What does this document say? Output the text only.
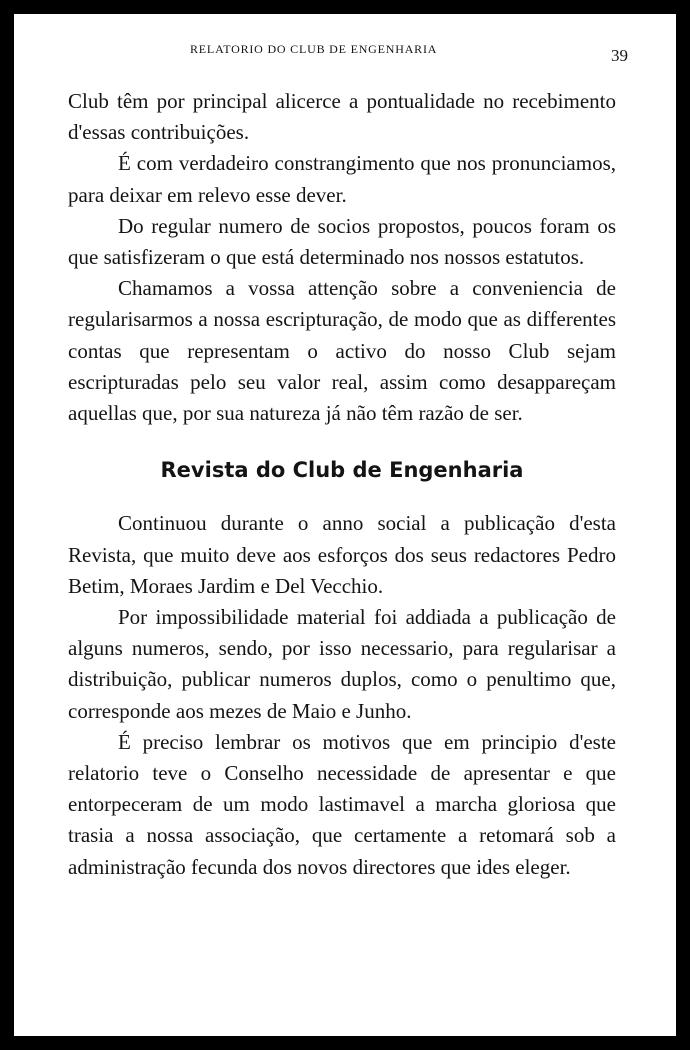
RELATORIO DO CLUB DE ENGENHARIA	39

Club têm por principal alicerce a pontualidade no recebimento d'essas contribuições.

É com verdadeiro constrangimento que nos pronunciamos, para deixar em relevo esse dever.

Do regular numero de socios propostos, poucos foram os que satisfizeram o que está determinado nos nossos estatutos.

Chamamos a vossa attenção sobre a conveniencia de regularisarmos a nossa escripturação, de modo que as differentes contas que representam o activo do nosso Club sejam escripturadas pelo seu valor real, assim como desappareçam aquellas que, por sua natureza já não têm razão de ser.

Revista do Club de Engenharia

Continuou durante o anno social a publicação d'esta Revista, que muito deve aos esforços dos seus redactores Pedro Betim, Moraes Jardim e Del Vecchio.

Por impossibilidade material foi addiada a publicação de alguns numeros, sendo, por isso necessario, para regularisar a distribuição, publicar numeros duplos, como o penultimo que, corresponde aos mezes de Maio e Junho.

É preciso lembrar os motivos que em principio d'este relatorio teve o Conselho necessidade de apresentar e que entorpeceram de um modo lastimavel a marcha gloriosa que trasia a nossa associação, que certamente a retomará sob a administração fecunda dos novos directores que ides eleger.
